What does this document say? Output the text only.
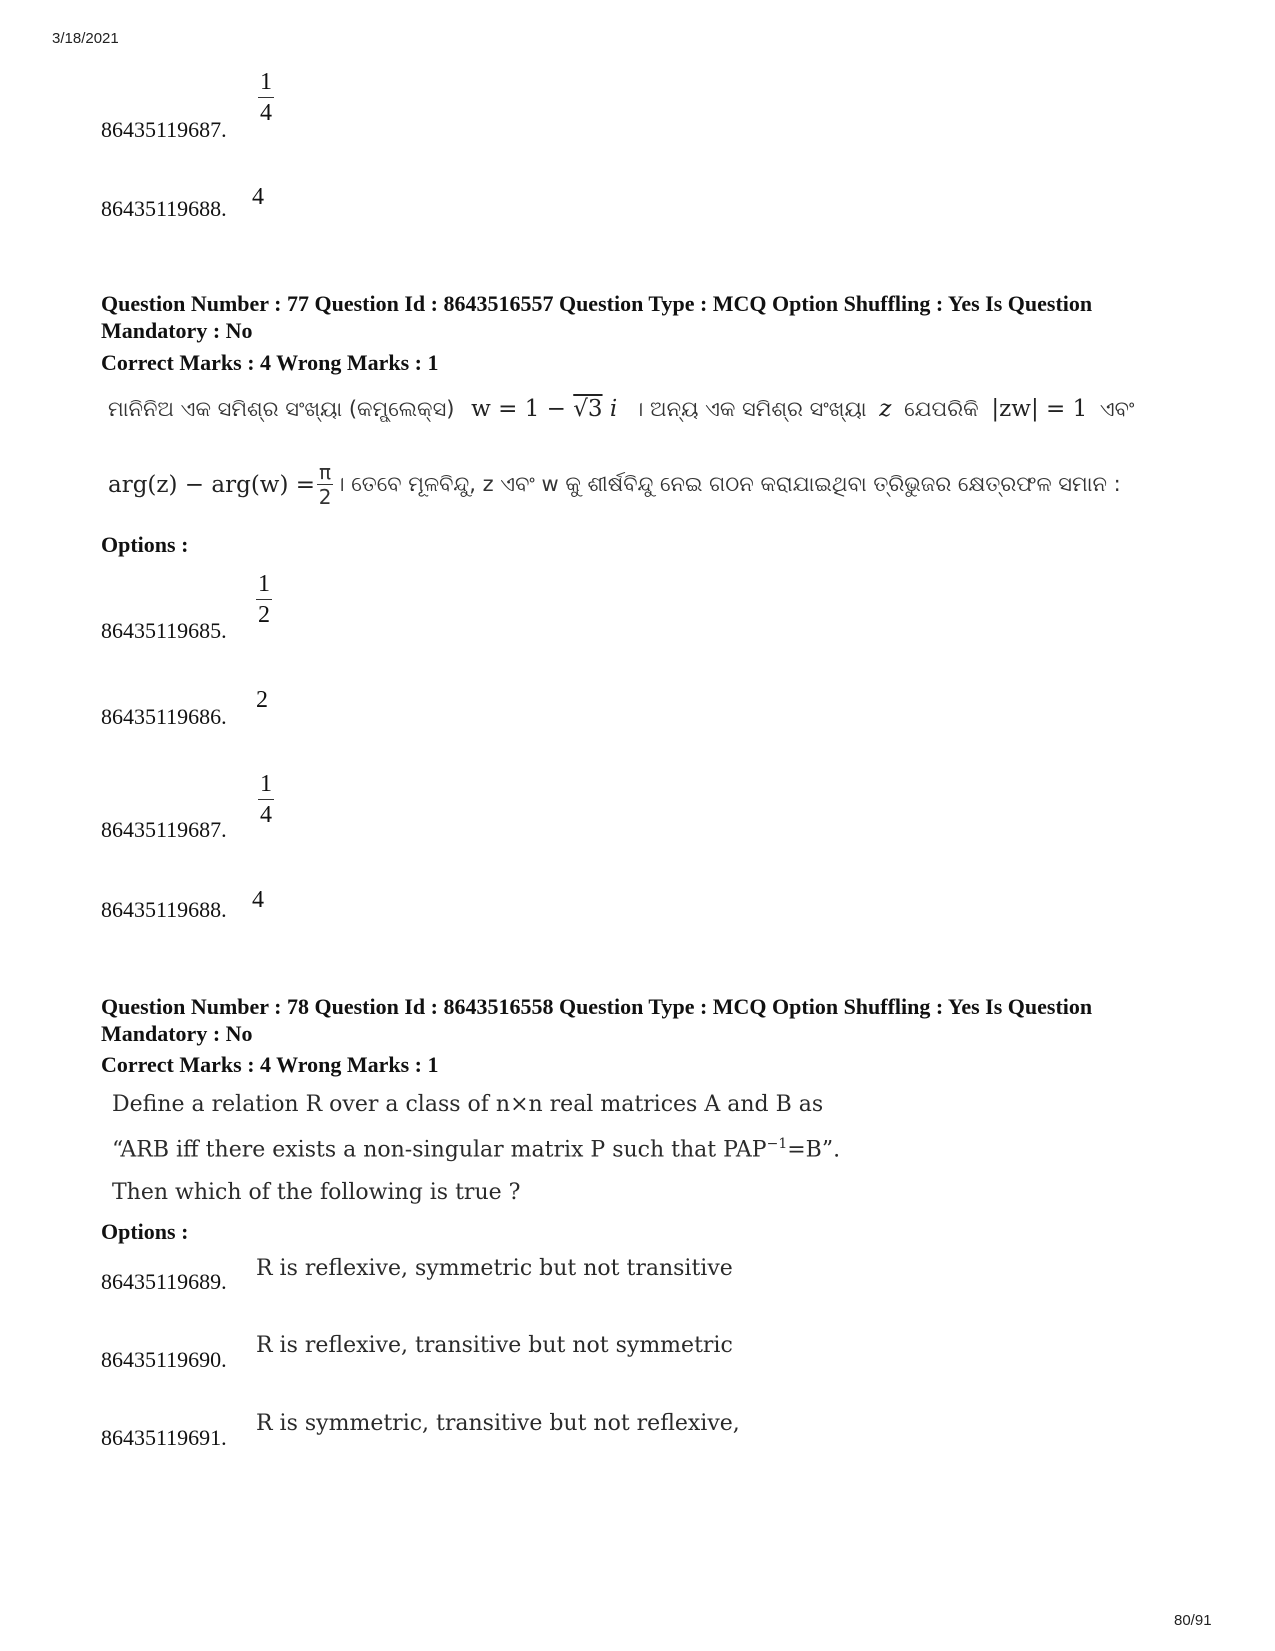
3/18/2021
$\frac{1}{4}$
86435119687.
4
86435119688.
Question Number : 77 Question Id : 8643516557 Question Type : MCQ Option Shuffling : Yes Is Question Mandatory : No
Correct Marks : 4 Wrong Marks : 1
ମାନିନିଅ ଏକ ସମିଶ୍ର ସଂଖ୍ୟା (କମ୍ପ୍ଲେକ୍ସ) w = 1 − √3 i । ଅନ୍ୟ ଏକ ସମିଶ୍ର ସଂଖ୍ୟା z ଯେପରିକି |zw| = 1 ଏବଂ
$arg(z) - arg(w) = \frac{\pi}{2}$ । ତେବେ ମୂଳବିନ୍ଦୁ, z ଏବଂ w କୁ ଶୀର୍ଷବିନ୍ଦୁ ନେଇ ଗଠନ କରାଯାଇଥିବା ତ୍ରିଭୁଜର କ୍ଷେତ୍ରଫଳ ସମାନ :
Options :
$\frac{1}{2}$
86435119685.
2
86435119686.
$\frac{1}{4}$
86435119687.
4
86435119688.
Question Number : 78 Question Id : 8643516558 Question Type : MCQ Option Shuffling : Yes Is Question Mandatory : No
Correct Marks : 4 Wrong Marks : 1
Define a relation R over a class of n×n real matrices A and B as
“ARB iff there exists a non-singular matrix P such that $PAP^{-1}=B$”.
Then which of the following is true ?
Options :
R is reflexive, symmetric but not transitive
86435119689.
R is reflexive, transitive but not symmetric
86435119690.
R is symmetric, transitive but not reflexive,
86435119691.
80/91
